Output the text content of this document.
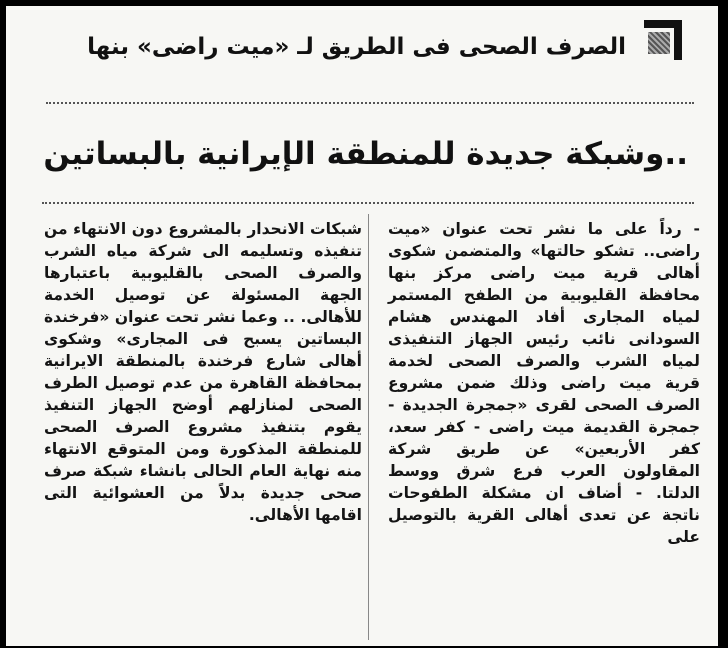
الصرف الصحى فى الطريق لـ «ميت راضى» بنها
..وشبكة جديدة للمنطقة الإيرانية بالبساتين

- رداً على ما نشر تحت عنوان «ميت راضى.. تشكو حالتها» والمتضمن شكوى أهالى قرية ميت راضى مركز بنها محافظة القليوبية من الطفح المستمر لمياه المجارى أفاد المهندس هشام السودانى نائب رئيس الجهاز التنفيذى لمياه الشرب والصرف الصحى لخدمة قرية ميت راضى وذلك ضمن مشروع الصرف الصحى لقرى «جمجرة الجديدة - جمجرة القديمة ميت راضى - كفر سعد، كفر الأربعين» عن طريق شركة المقاولون العرب فرع شرق ووسط الدلتا. - أضاف ان مشكلة الطفوحات ناتجة عن تعدى أهالى القرية بالتوصيل على

شبكات الانحدار بالمشروع دون الانتهاء من تنفيذه وتسليمه الى شركة مياه الشرب والصرف الصحى بالقليوبية باعتبارها الجهة المسئولة عن توصيل الخدمة للأهالى. .. وعما نشر تحت عنوان «فرخندة البساتين يسبح فى المجارى» وشكوى أهالى شارع فرخندة بالمنطقة الايرانية بمحافظة القاهرة من عدم توصيل الطرف الصحى لمنازلهم أوضح الجهاز التنفيذ يقوم بتنفيذ مشروع الصرف الصحى للمنطقة المذكورة ومن المتوقع الانتهاء منه نهاية العام الحالى بانشاء شبكة صرف صحى جديدة بدلاً من العشوائية التى اقامها الأهالى.
